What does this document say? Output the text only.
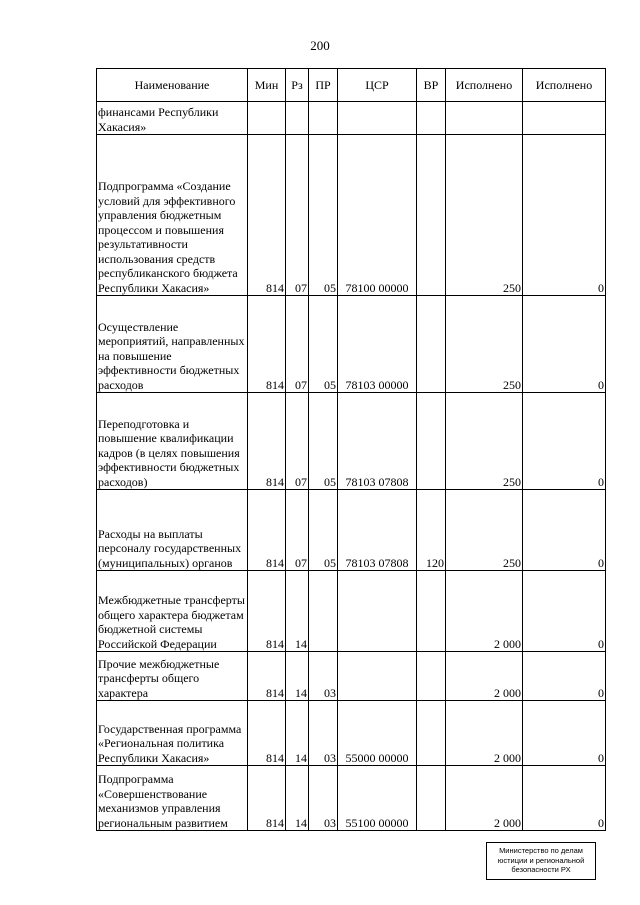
200
Наименование	Мин	Рз	ПР	ЦСР	ВР	Исполнено	Исполнено
финансами Республики Хакасия»							
Подпрограмма «Создание условий для эффективного управления бюджетным процессом и повышения результативности использования средств республиканского бюджета Республики Хакасия»	814	07	05	78100 00000		250	0
Осуществление мероприятий, направленных на повышение эффективности бюджетных расходов	814	07	05	78103 00000		250	0
Переподготовка и повышение квалификации кадров (в целях повышения эффективности бюджетных расходов)	814	07	05	78103 07808		250	0
Расходы на выплаты персоналу государственных (муниципальных) органов	814	07	05	78103 07808	120	250	0
Межбюджетные трансферты общего характера бюджетам бюджетной системы Российской Федерации	814	14				2 000	0
Прочие межбюджетные трансферты общего характера	814	14	03			2 000	0
Государственная программа «Региональная политика Республики Хакасия»	814	14	03	55000 00000		2 000	0
Подпрограмма «Совершенствование механизмов управления региональным развитием	814	14	03	55100 00000		2 000	0
Министерство по делам
юстиции и региональной
безопасности РХ
